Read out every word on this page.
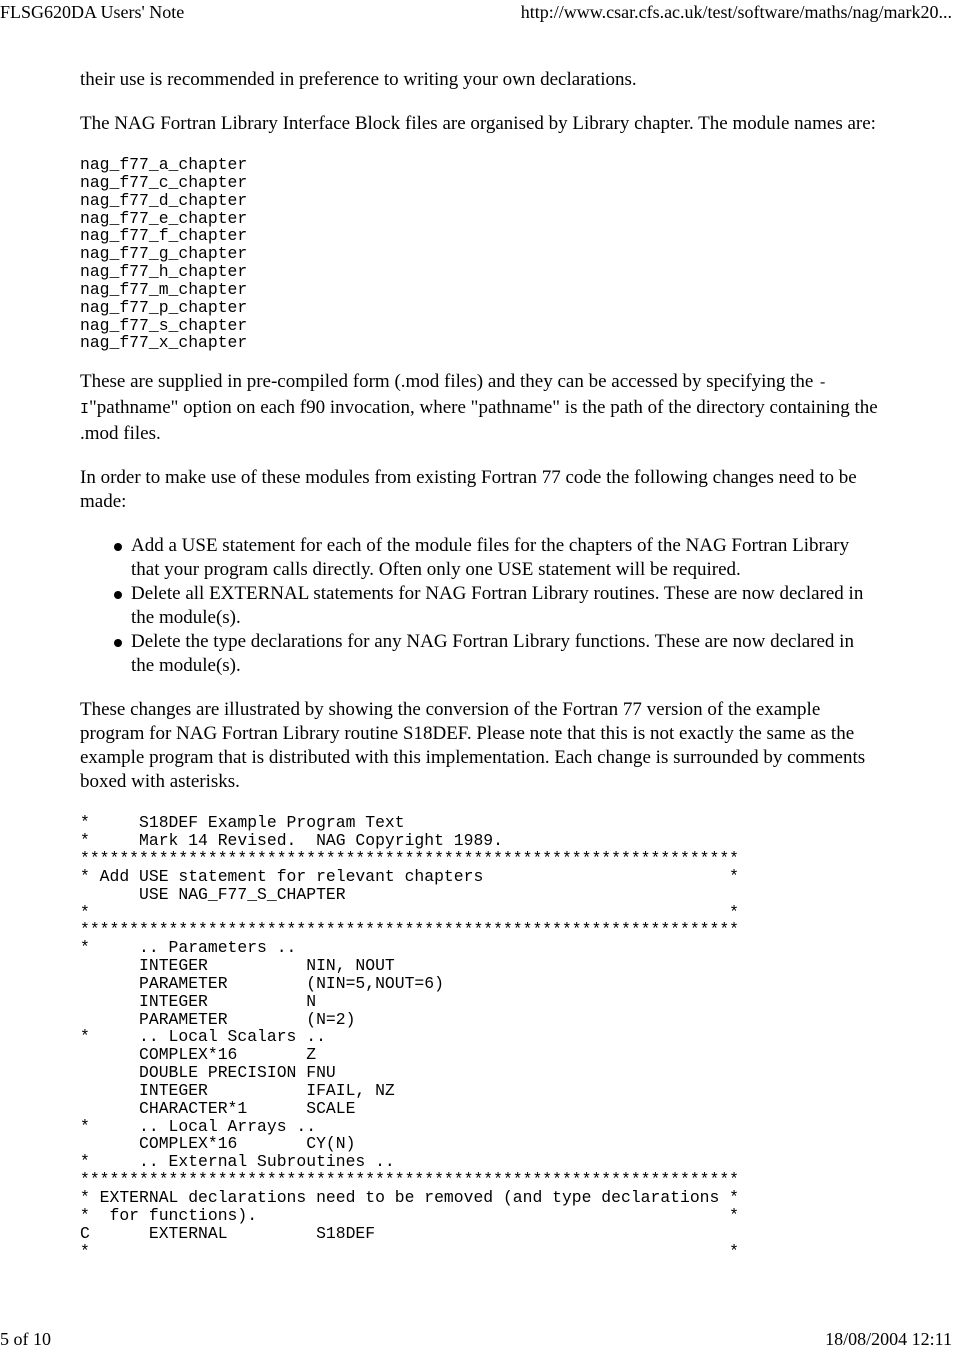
FLSG620DA Users' Note	http://www.csar.cfs.ac.uk/test/software/maths/nag/mark20...

their use is recommended in preference to writing your own declarations.

The NAG Fortran Library Interface Block files are organised by Library chapter. The module names are:

nag_f77_a_chapter
nag_f77_c_chapter
nag_f77_d_chapter
nag_f77_e_chapter
nag_f77_f_chapter
nag_f77_g_chapter
nag_f77_h_chapter
nag_f77_m_chapter
nag_f77_p_chapter
nag_f77_s_chapter
nag_f77_x_chapter

These are supplied in pre-compiled form (.mod files) and they can be accessed by specifying the -I"pathname" option on each f90 invocation, where "pathname" is the path of the directory containing the .mod files.

In order to make use of these modules from existing Fortran 77 code the following changes need to be made:

Add a USE statement for each of the module files for the chapters of the NAG Fortran Library that your program calls directly. Often only one USE statement will be required.
Delete all EXTERNAL statements for NAG Fortran Library routines. These are now declared in the module(s).
Delete the type declarations for any NAG Fortran Library functions. These are now declared in the module(s).

These changes are illustrated by showing the conversion of the Fortran 77 version of the example program for NAG Fortran Library routine S18DEF. Please note that this is not exactly the same as the example program that is distributed with this implementation. Each change is surrounded by comments boxed with asterisks.

*     S18DEF Example Program Text
*     Mark 14 Revised.  NAG Copyright 1989.
*******************************************************************
* Add USE statement for relevant chapters                         *
USE NAG_F77_S_CHAPTER
*                                                                 *
*******************************************************************
*     .. Parameters ..
INTEGER          NIN, NOUT
PARAMETER        (NIN=5,NOUT=6)
INTEGER          N
PARAMETER        (N=2)
*     .. Local Scalars ..
COMPLEX*16       Z
DOUBLE PRECISION FNU
INTEGER          IFAIL, NZ
CHARACTER*1      SCALE
*     .. Local Arrays ..
COMPLEX*16       CY(N)
*     .. External Subroutines ..
*******************************************************************
* EXTERNAL declarations need to be removed (and type declarations *
*  for functions).                                                *
C      EXTERNAL         S18DEF
*                                                                 *
5 of 10	18/08/2004 12:11
